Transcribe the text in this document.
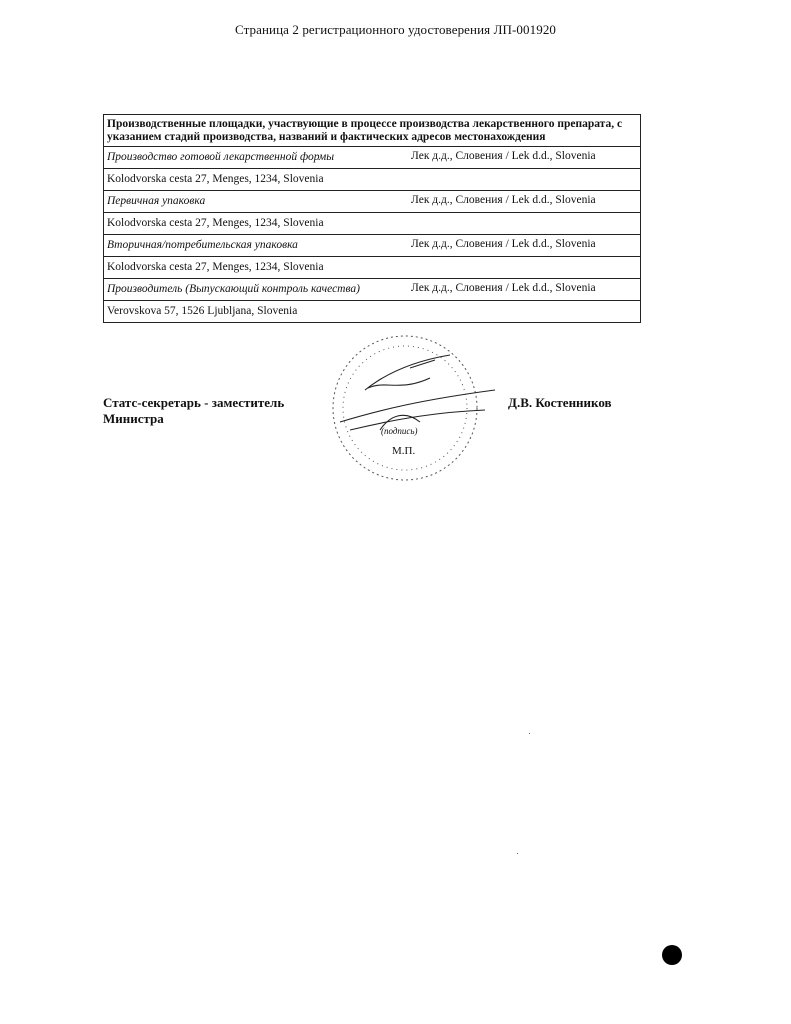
Страница 2 регистрационного удостоверения ЛП-001920
Производственные площадки, участвующие в процессе производства лекарственного препарата, с указанием стадий производства, названий и фактических адресов местонахождения
Производство готовой лекарственной формы	Лек д.д., Словения / Lek d.d., Slovenia

Kolodvorska cesta 27, Menges, 1234, Slovenia
Первичная упаковка	Лек д.д., Словения / Lek d.d., Slovenia

Kolodvorska cesta 27, Menges, 1234, Slovenia
Вторичная/потребительская упаковка	Лек д.д., Словения / Lek d.d., Slovenia

Kolodvorska cesta 27, Menges, 1234, Slovenia
Производитель (Выпускающий контроль качества)	Лек д.д., Словения / Lek d.d., Slovenia

Verovskova 57, 1526 Ljubljana, Slovenia
Статс-секретарь - заместитель
Министра
Д.В. Костенников
(подпись)
М.П.
